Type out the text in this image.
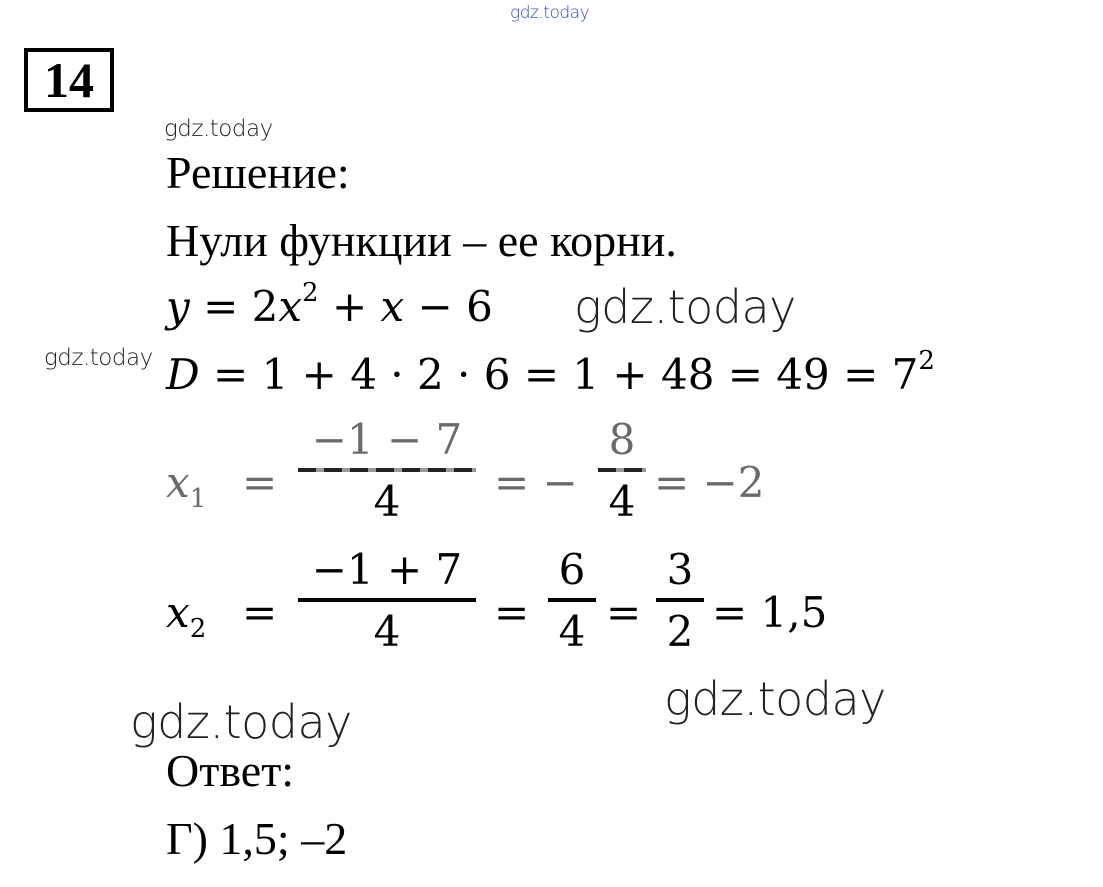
gdz.today
gdz.today
gdz.today
gdz.today
gdz.today
gdz.today
14
Решение:
Нули функции – ее корни.
$y = 2x^2 + x - 6$
$D = 1 + 4 \cdot 2 \cdot 6 = 1 + 48 = 49 = 7^2$
$x_1$ =
−1 − 7
4	= −
8
4 = −2
$x_2$ =
−1 + 7
4	=
6
4 =
3
2 = 1,5
Ответ:
Г) 1,5; –2
